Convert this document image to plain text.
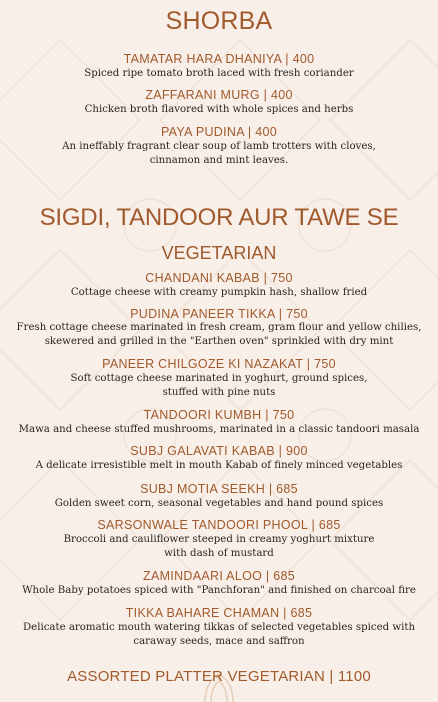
SHORBA
TAMATAR HARA DHANIYA | 400
Spiced ripe tomato broth laced with fresh coriander
ZAFFARANI MURG | 400
Chicken broth flavored with whole spices and herbs
PAYA PUDINA | 400
An ineffably fragrant clear soup of lamb trotters with cloves,
cinnamon and mint leaves.
SIGDI, TANDOOR AUR TAWE SE
VEGETARIAN
CHANDANI KABAB | 750
Cottage cheese with creamy pumpkin hash, shallow fried
PUDINA PANEER TIKKA | 750
Fresh cottage cheese marinated in fresh cream, gram flour and yellow chilies,
skewered and grilled in the "Earthen oven" sprinkled with dry mint
PANEER CHILGOZE KI NAZAKAT | 750
Soft cottage cheese marinated in yoghurt, ground spices,
stuffed with pine nuts
TANDOORI KUMBH | 750
Mawa and cheese stuffed mushrooms, marinated in a classic tandoori masala
SUBJ GALAVATI KABAB | 900
A delicate irresistible melt in mouth Kabab of finely minced vegetables
SUBJ MOTIA SEEKH | 685
Golden sweet corn, seasonal vegetables and hand pound spices
SARSONWALE TANDOORI PHOOL | 685
Broccoli and cauliflower steeped in creamy yoghurt mixture
with dash of mustard
ZAMINDAARI ALOO | 685
Whole Baby potatoes spiced with "Panchforan" and finished on charcoal fire
TIKKA BAHARE CHAMAN | 685
Delicate aromatic mouth watering tikkas of selected vegetables spiced with
caraway seeds, mace and saffron
ASSORTED PLATTER VEGETARIAN | 1100
